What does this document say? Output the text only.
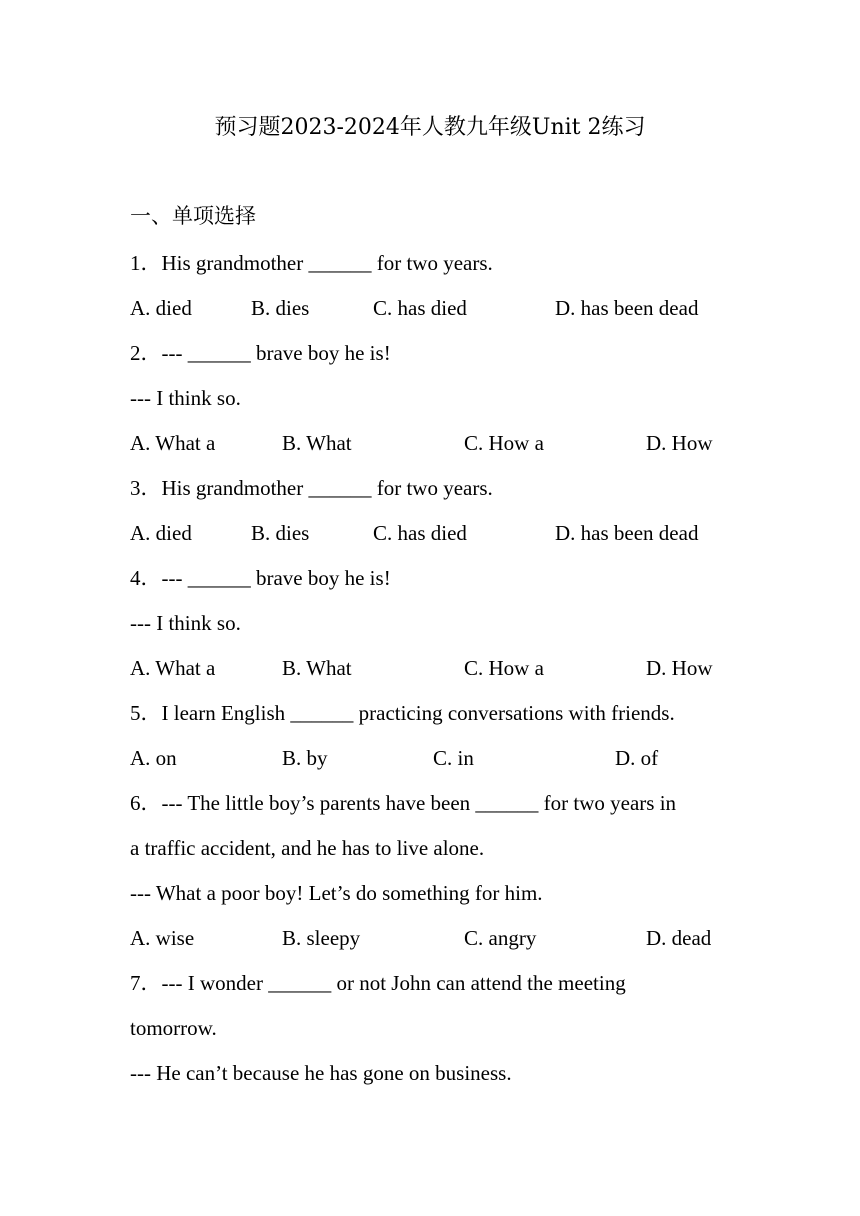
预习题2023-2024年人教九年级Unit 2练习
一、单项选择
1．His grandmother ______ for two years.
A. died	B. dies	C. has died	D. has been dead
2．--- ______ brave boy he is!
--- I think so.
A. What a	B. What	C. How a	D. How
3．His grandmother ______ for two years.
A. died	B. dies	C. has died	D. has been dead
4．--- ______ brave boy he is!
--- I think so.
A. What a	B. What	C. How a	D. How
5．I learn English ______ practicing conversations with friends.
A. on	B. by	C. in	D. of
6．--- The little boy’s parents have been ______ for two years in
a traffic accident, and he has to live alone.
--- What a poor boy! Let’s do something for him.
A. wise	B. sleepy	C. angry	D. dead
7．--- I wonder ______ or not John can attend the meeting
tomorrow.
--- He can’t because he has gone on business.
